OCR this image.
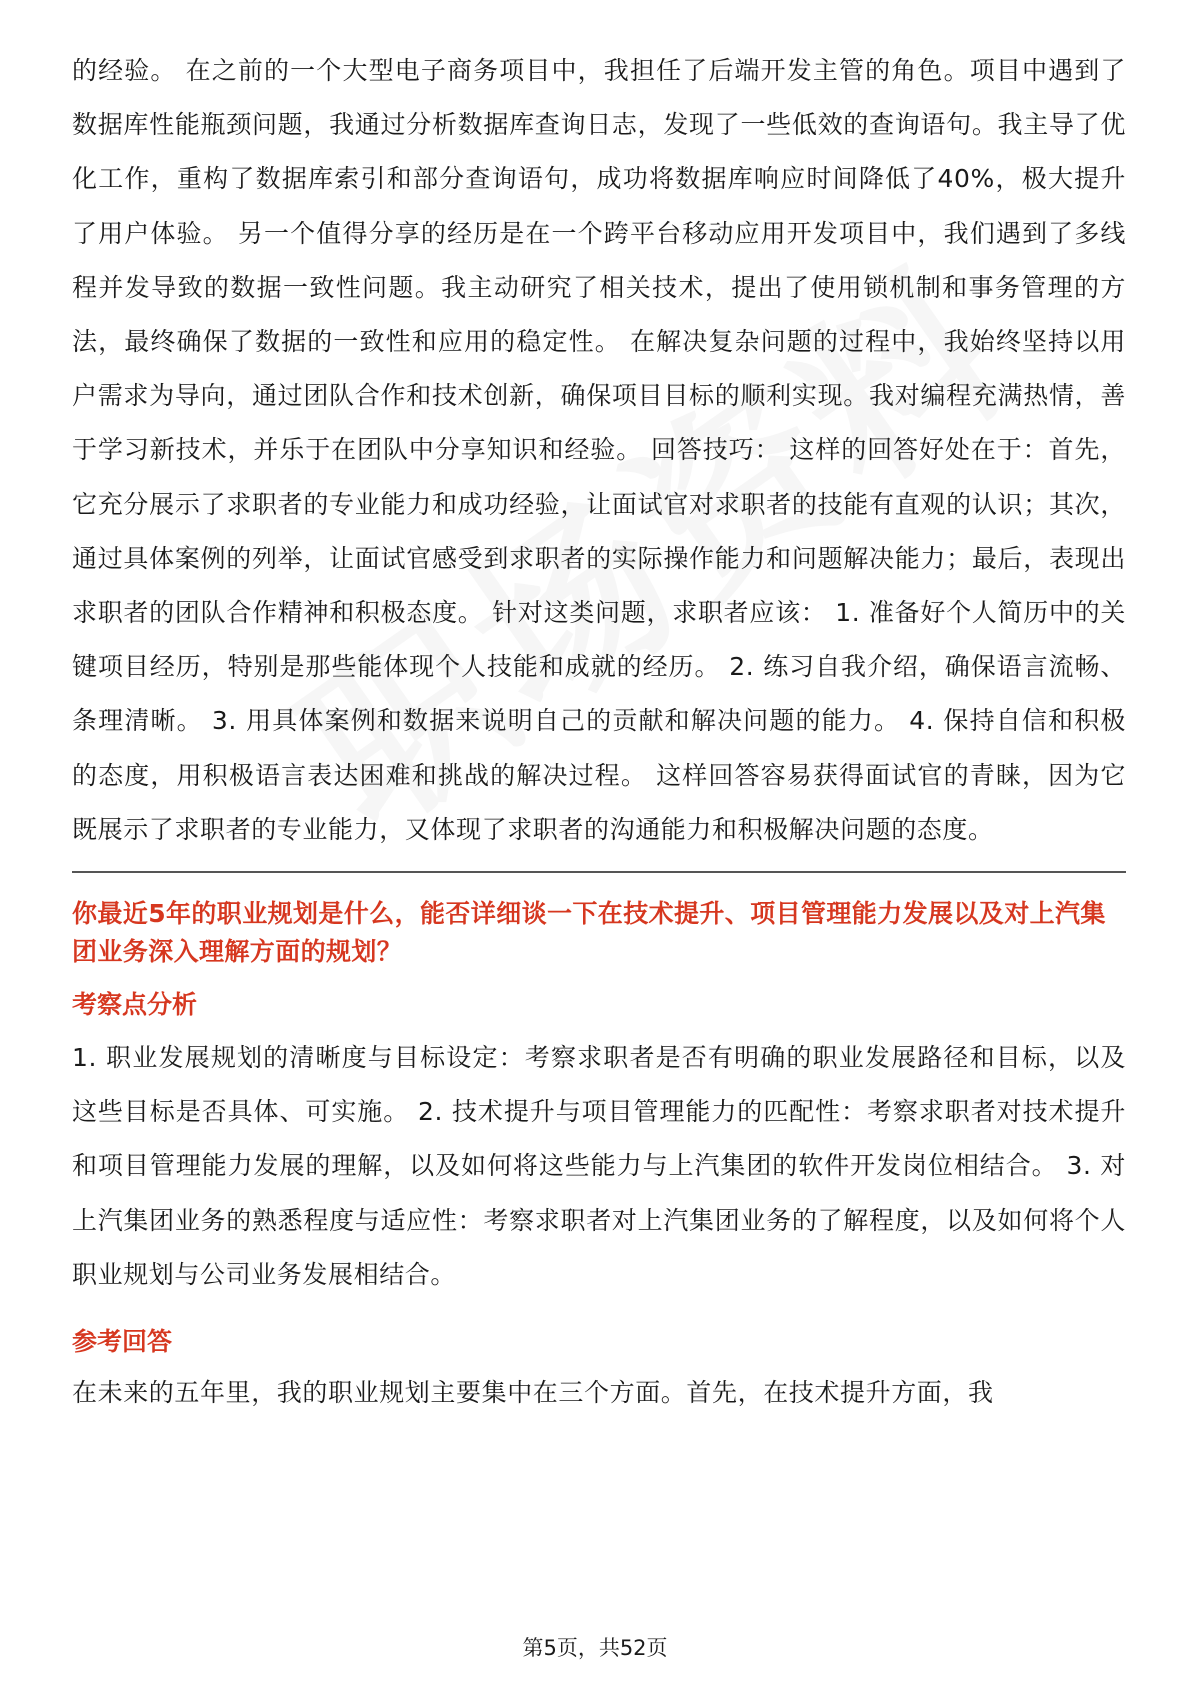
的经验。 在之前的一个大型电子商务项目中，我担任了后端开发主管的角色。项目中遇到了数据库性能瓶颈问题，我通过分析数据库查询日志，发现了一些低效的查询语句。我主导了优化工作，重构了数据库索引和部分查询语句，成功将数据库响应时间降低了40%，极大提升了用户体验。 另一个值得分享的经历是在一个跨平台移动应用开发项目中，我们遇到了多线程并发导致的数据一致性问题。我主动研究了相关技术，提出了使用锁机制和事务管理的方法，最终确保了数据的一致性和应用的稳定性。 在解决复杂问题的过程中，我始终坚持以用户需求为导向，通过团队合作和技术创新，确保项目目标的顺利实现。我对编程充满热情，善于学习新技术，并乐于在团队中分享知识和经验。 回答技巧： 这样的回答好处在于：首先，它充分展示了求职者的专业能力和成功经验，让面试官对求职者的技能有直观的认识；其次，通过具体案例的列举，让面试官感受到求职者的实际操作能力和问题解决能力；最后，表现出求职者的团队合作精神和积极态度。 针对这类问题，求职者应该： 1. 准备好个人简历中的关键项目经历，特别是那些能体现个人技能和成就的经历。 2. 练习自我介绍，确保语言流畅、条理清晰。 3. 用具体案例和数据来说明自己的贡献和解决问题的能力。 4. 保持自信和积极的态度，用积极语言表达困难和挑战的解决过程。 这样回答容易获得面试官的青睐，因为它既展示了求职者的专业能力，又体现了求职者的沟通能力和积极解决问题的态度。

你最近5年的职业规划是什么，能否详细谈一下在技术提升、项目管理能力发展以及对上汽集团业务深入理解方面的规划？

考察点分析

1. 职业发展规划的清晰度与目标设定：考察求职者是否有明确的职业发展路径和目标，以及这些目标是否具体、可实施。 2. 技术提升与项目管理能力的匹配性：考察求职者对技术提升和项目管理能力发展的理解，以及如何将这些能力与上汽集团的软件开发岗位相结合。 3. 对上汽集团业务的熟悉程度与适应性：考察求职者对上汽集团业务的了解程度，以及如何将个人职业规划与公司业务发展相结合。

参考回答

在未来的五年里，我的职业规划主要集中在三个方面。首先，在技术提升方面，我

第5页，共52页
